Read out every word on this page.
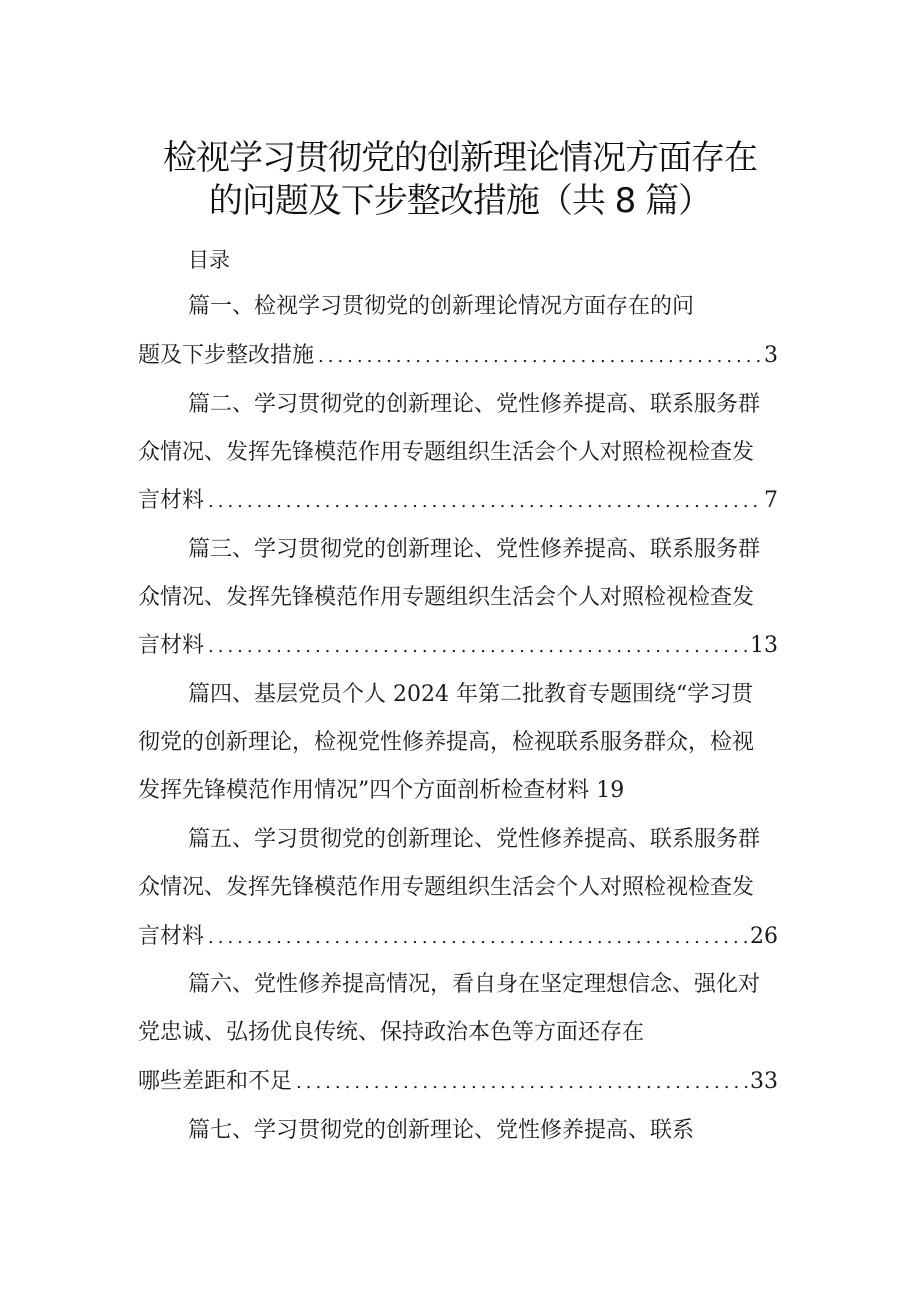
检视学习贯彻党的创新理论情况方面存在
的问题及下步整改措施（共 8 篇）
目录
篇一、检视学习贯彻党的创新理论情况方面存在的问
题及下步整改措施 .....	3
篇二、学习贯彻党的创新理论、党性修养提高、联系服务群
众情况、发挥先锋模范作用专题组织生活会个人对照检视检查发
言材料 .....	7
篇三、学习贯彻党的创新理论、党性修养提高、联系服务群
众情况、发挥先锋模范作用专题组织生活会个人对照检视检查发
言材料 .....	13
篇四、基层党员个人 2024 年第二批教育专题围绕“学习贯
彻党的创新理论，检视党性修养提高，检视联系服务群众，检视
发挥先锋模范作用情况”四个方面剖析检查材料 19
篇五、学习贯彻党的创新理论、党性修养提高、联系服务群
众情况、发挥先锋模范作用专题组织生活会个人对照检视检查发
言材料 .....	26
篇六、党性修养提高情况，看自身在坚定理想信念、强化对
党忠诚、弘扬优良传统、保持政治本色等方面还存在
哪些差距和不足 .....	33
篇七、学习贯彻党的创新理论、党性修养提高、联系
